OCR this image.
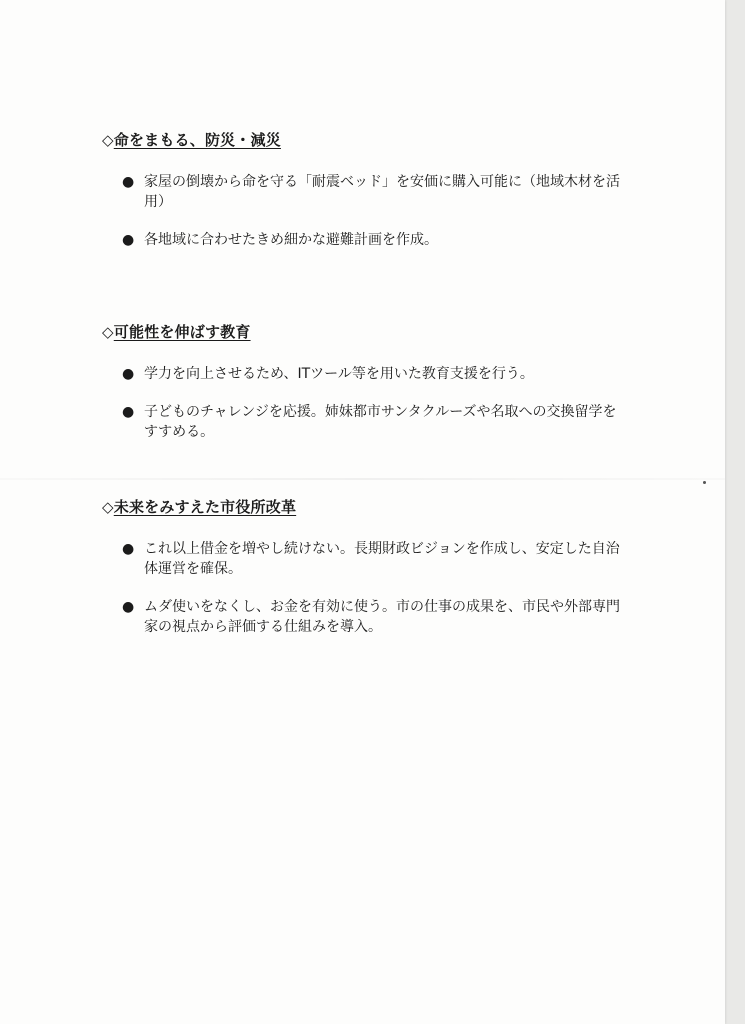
◇命をまもる、防災・減災
● 家屋の倒壊から命を守る「耐震ベッド」を安価に購入可能に（地域木材を活用）
● 各地域に合わせたきめ細かな避難計画を作成。
◇可能性を伸ばす教育
● 学力を向上させるため、ITツール等を用いた教育支援を行う。
● 子どものチャレンジを応援。姉妹都市サンタクルーズや名取への交換留学をすすめる。
◇未来をみすえた市役所改革
● これ以上借金を増やし続けない。長期財政ビジョンを作成し、安定した自治体運営を確保。
● ムダ使いをなくし、お金を有効に使う。市の仕事の成果を、市民や外部専門家の視点から評価する仕組みを導入。
